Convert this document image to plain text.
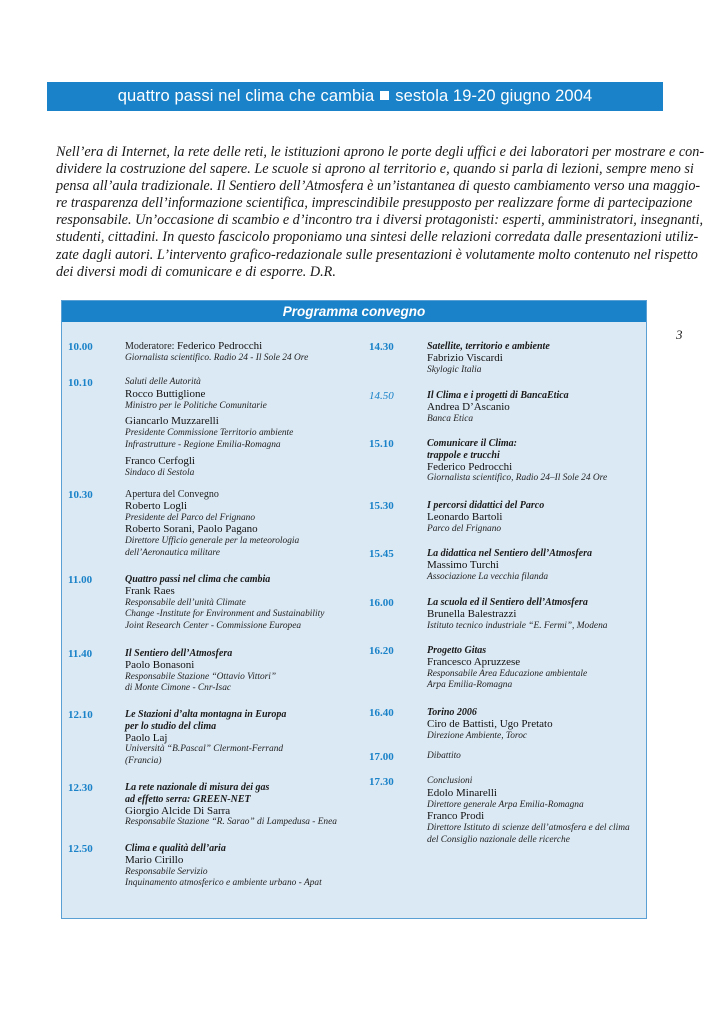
quattro passi nel clima che cambia sestola 19-20 giugno 2004
Nell’era di Internet, la rete delle reti, le istituzioni aprono le porte degli uffici e dei laboratori per mostrare e con-
dividere la costruzione del sapere. Le scuole si aprono al territorio e, quando si parla di lezioni, sempre meno si
pensa all’aula tradizionale. Il Sentiero dell’Atmosfera è un’istantanea di questo cambiamento verso una maggio-
re trasparenza dell’informazione scientifica, imprescindibile presupposto per realizzare forme di partecipazione
responsabile. Un’occasione di scambio e d’incontro tra i diversi protagonisti: esperti, amministratori, insegnanti,
studenti, cittadini. In questo fascicolo proponiamo una sintesi delle relazioni corredata dalle presentazioni utiliz-
zate dagli autori. L’intervento grafico-redazionale sulle presentazioni è volutamente molto contenuto nel rispetto
dei diversi modi di comunicare e di esporre. D.R.
3
Programma convegno
10.00	Moderatore: Federico Pedrocchi
Giornalista scientifico. Radio 24 - Il Sole 24 Ore
10.10	Saluti delle Autorità
Rocco Buttiglione
Ministro per le Politiche Comunitarie
Giancarlo Muzzarelli
Presidente Commissione Territorio ambiente
Infrastrutture - Regione Emilia-Romagna
Franco Cerfogli
Sindaco di Sestola
10.30	Apertura del Convegno
Roberto Logli
Presidente del Parco del Frignano
Roberto Sorani, Paolo Pagano
Direttore Ufficio generale per la meteorologia
dell’Aeronautica militare
11.00	Quattro passi nel clima che cambia
Frank Raes
Responsabile dell’unità Climate
Change -Institute for Environment and Sustainability
Joint Research Center - Commissione Europea
11.40	Il Sentiero dell’Atmosfera
Paolo Bonasoni
Responsabile Stazione “Ottavio Vittori”
di Monte Cimone - Cnr-Isac
12.10	Le Stazioni d’alta montagna in Europa
per lo studio del clima
Paolo Laj
Università “B.Pascal” Clermont-Ferrand
(Francia)
12.30	La rete nazionale di misura dei gas
ad effetto serra: GREEN-NET
Giorgio Alcide Di Sarra
Responsabile Stazione “R. Sarao” di Lampedusa - Enea
12.50	Clima e qualità dell’aria
Mario Cirillo
Responsabile Servizio
Inquinamento atmosferico e ambiente urbano - Apat
14.30	Satellite, territorio e ambiente
Fabrizio Viscardi
Skylogic Italia
14.50	Il Clima e i progetti di BancaEtica
Andrea D’Ascanio
Banca Etica
15.10	Comunicare il Clima:
trappole e trucchi
Federico Pedrocchi
Giornalista scientifico, Radio 24–Il Sole 24 Ore
15.30	I percorsi didattici del Parco
Leonardo Bartoli
Parco del Frignano
15.45	La didattica nel Sentiero dell’Atmosfera
Massimo Turchi
Associazione La vecchia filanda
16.00	La scuola ed il Sentiero dell’Atmosfera
Brunella Balestrazzi
Istituto tecnico industriale “E. Fermi”, Modena
16.20	Progetto Gitas
Francesco Apruzzese
Responsabile Area Educazione ambientale
Arpa Emilia-Romagna
16.40	Torino 2006
Ciro de Battisti, Ugo Pretato
Direzione Ambiente, Toroc
17.00	Dibattito
17.30	Conclusioni
Edolo Minarelli
Direttore generale Arpa Emilia-Romagna
Franco Prodi
Direttore Istituto di scienze dell’atmosfera e del clima
del Consiglio nazionale delle ricerche
